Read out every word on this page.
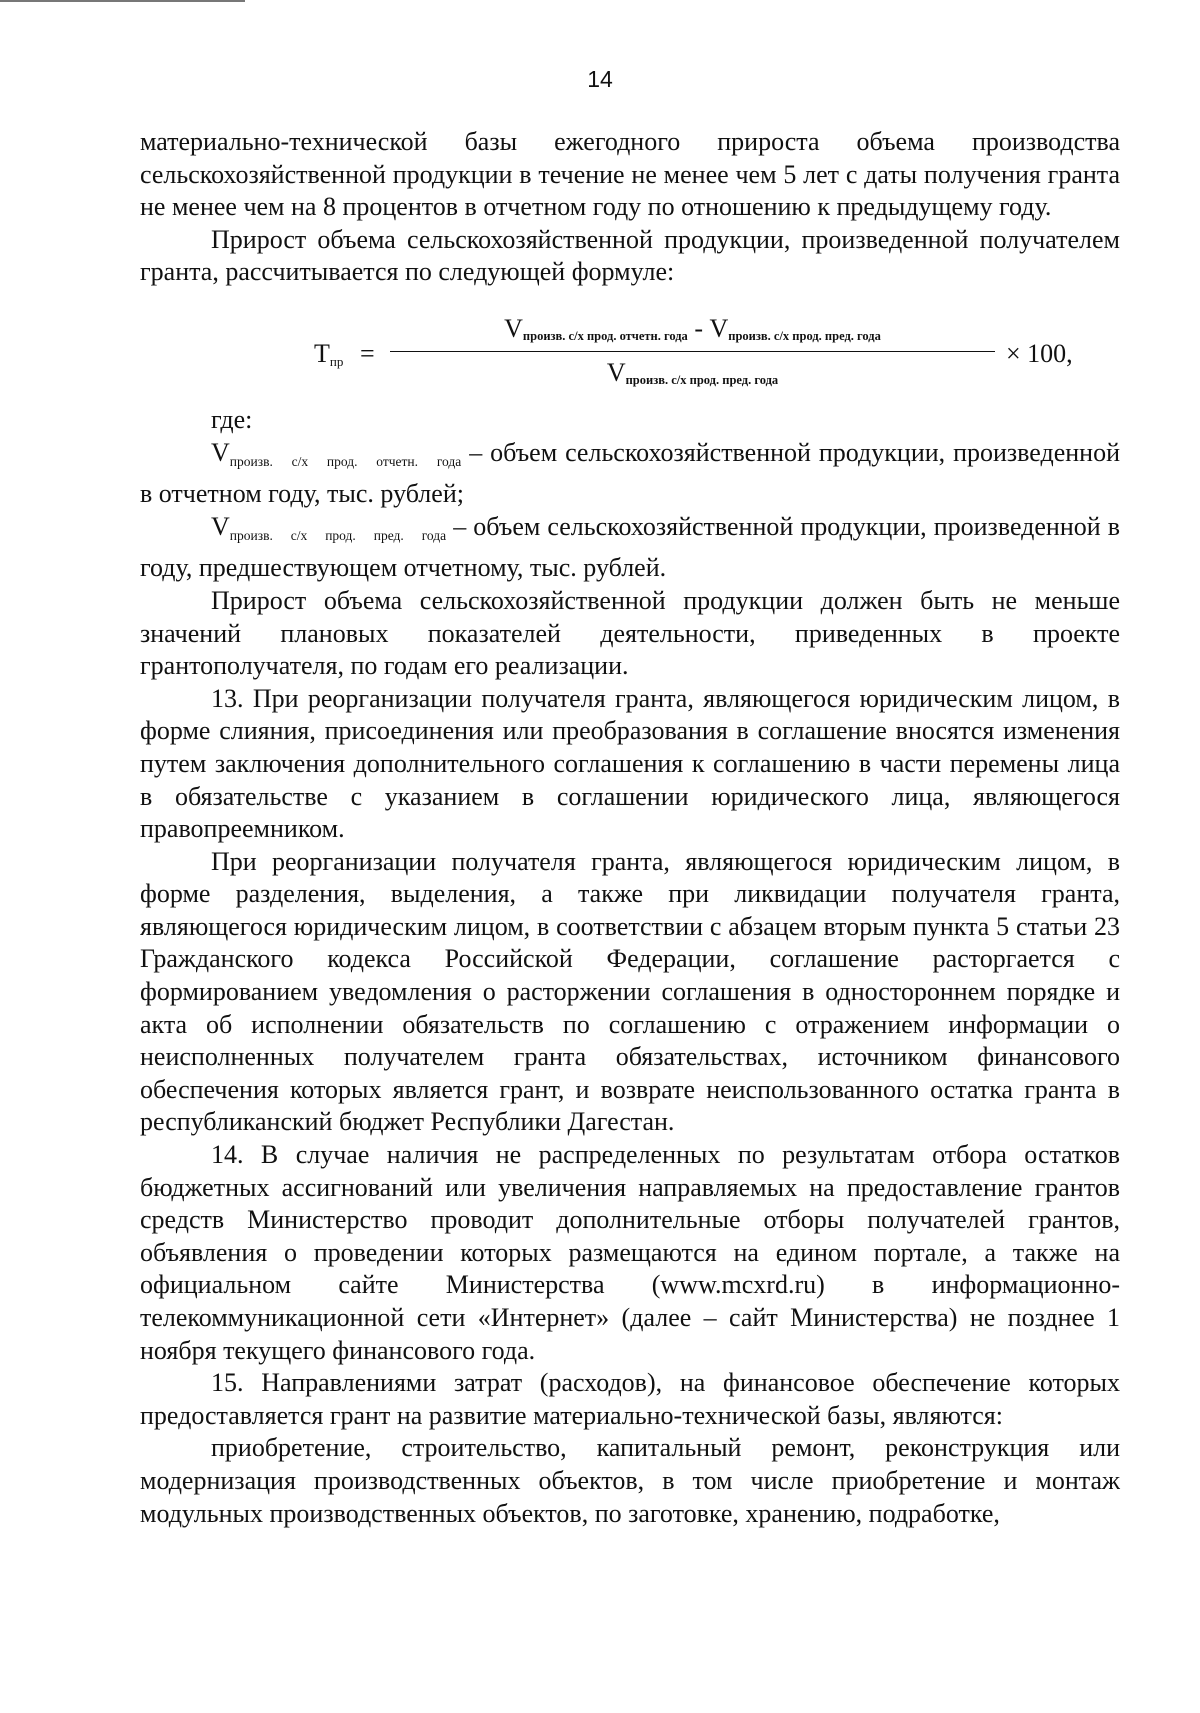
14

материально-технической базы ежегодного прироста объема производства сельскохозяйственной продукции в течение не менее чем 5 лет с даты получения гранта не менее чем на 8 процентов в отчетном году по отношению к предыдущему году.

Прирост объема сельскохозяйственной продукции, произведенной получателем гранта, рассчитывается по следующей формуле:

Tпр =
$V_{произв. с/х прод. отчетн. года} - V_{произв. с/х прод. пред. года}$
$V_{произв. с/х прод. пред. года}$
× 100,

где:

Vпроизв. с/х прод. отчетн. года – объем сельскохозяйственной продукции, произведенной в отчетном году, тыс. рублей;

Vпроизв. с/х прод. пред. года – объем сельскохозяйственной продукции, произведенной в году, предшествующем отчетному, тыс. рублей.

Прирост объема сельскохозяйственной продукции должен быть не меньше значений плановых показателей деятельности, приведенных в проекте грантополучателя, по годам его реализации.

13. При реорганизации получателя гранта, являющегося юридическим лицом, в форме слияния, присоединения или преобразования в соглашение вносятся изменения путем заключения дополнительного соглашения к соглашению в части перемены лица в обязательстве с указанием в соглашении юридического лица, являющегося правопреемником.

При реорганизации получателя гранта, являющегося юридическим лицом, в форме разделения, выделения, а также при ликвидации получателя гранта, являющегося юридическим лицом, в соответствии с абзацем вторым пункта 5 статьи 23 Гражданского кодекса Российской Федерации, соглашение расторгается с формированием уведомления о расторжении соглашения в одностороннем порядке и акта об исполнении обязательств по соглашению с отражением информации о неисполненных получателем гранта обязательствах, источником финансового обеспечения которых является грант, и возврате неиспользованного остатка гранта в республиканский бюджет Республики Дагестан.

14. В случае наличия не распределенных по результатам отбора остатков бюджетных ассигнований или увеличения направляемых на предоставление грантов средств Министерство проводит дополнительные отборы получателей грантов, объявления о проведении которых размещаются на едином портале, а также на официальном сайте Министерства (www.mcxrd.ru) в информационно-телекоммуникационной сети «Интернет» (далее – сайт Министерства) не позднее 1 ноября текущего финансового года.

15. Направлениями затрат (расходов), на финансовое обеспечение которых предоставляется грант на развитие материально-технической базы, являются:

приобретение, строительство, капитальный ремонт, реконструкция или модернизация производственных объектов, в том числе приобретение и монтаж модульных производственных объектов, по заготовке, хранению, подработке,
